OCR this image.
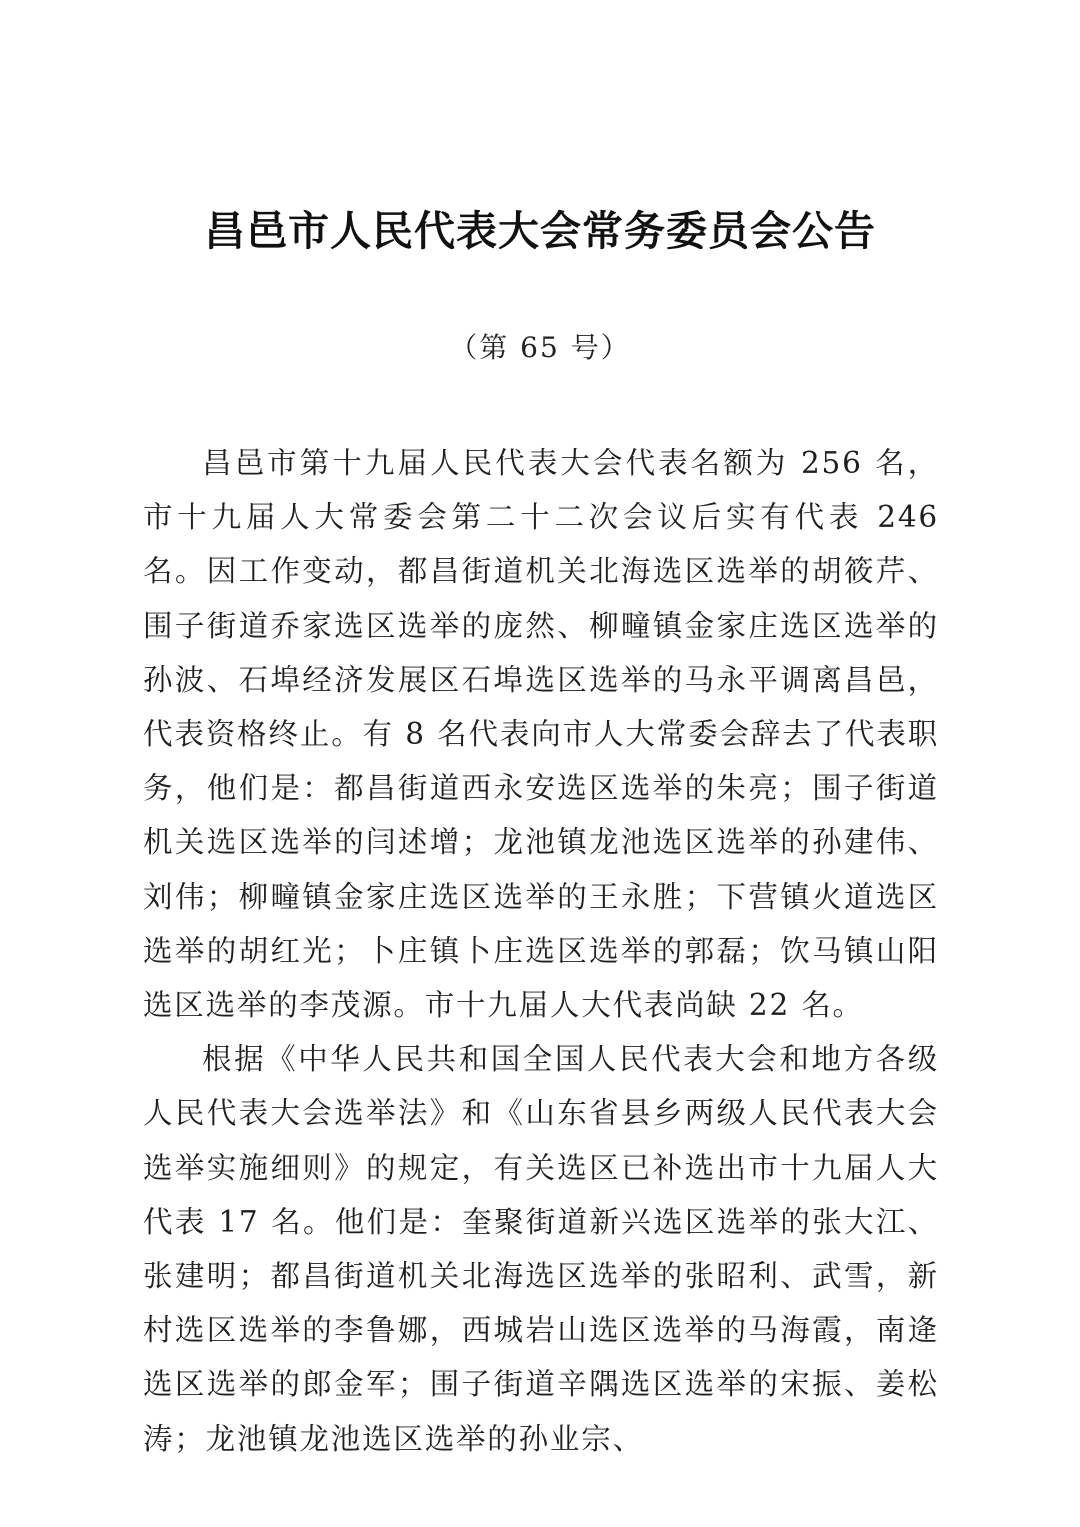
昌邑市人民代表大会常务委员会公告
（第 65 号）

昌邑市第十九届人民代表大会代表名额为 256 名，市十九届人大常委会第二十二次会议后实有代表 246 名。因工作变动，都昌街道机关北海选区选举的胡筱芹、围子街道乔家选区选举的庞然、柳疃镇金家庄选区选举的孙波、石埠经济发展区石埠选区选举的马永平调离昌邑，代表资格终止。有 8 名代表向市人大常委会辞去了代表职务，他们是：都昌街道西永安选区选举的朱亮；围子街道机关选区选举的闫述增；龙池镇龙池选区选举的孙建伟、刘伟；柳疃镇金家庄选区选举的王永胜；下营镇火道选区选举的胡红光；卜庄镇卜庄选区选举的郭磊；饮马镇山阳选区选举的李茂源。市十九届人大代表尚缺 22 名。

根据《中华人民共和国全国人民代表大会和地方各级人民代表大会选举法》和《山东省县乡两级人民代表大会选举实施细则》的规定，有关选区已补选出市十九届人大代表 17 名。他们是：奎聚街道新兴选区选举的张大江、张建明；都昌街道机关北海选区选举的张昭利、武雪，新村选区选举的李鲁娜，西城岩山选区选举的马海霞，南逄选区选举的郎金军；围子街道辛隅选区选举的宋振、姜松涛；龙池镇龙池选区选举的孙业宗、
